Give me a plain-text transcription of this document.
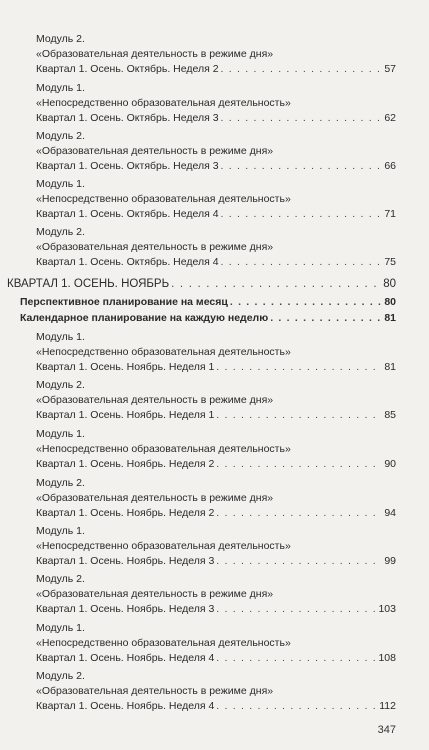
Модуль 2.
«Образовательная деятельность в режиме дня»
Квартал 1. Осень. Октябрь. Неделя 2 . . .	57
Модуль 1.
«Непосредственно образовательная деятельность»
Квартал 1. Осень. Октябрь. Неделя 3 . . .	62
Модуль 2.
«Образовательная деятельность в режиме дня»
Квартал 1. Осень. Октябрь. Неделя 3 . . .	66
Модуль 1.
«Непосредственно образовательная деятельность»
Квартал 1. Осень. Октябрь. Неделя 4 . . .	71
Модуль 2.
«Образовательная деятельность в режиме дня»
Квартал 1. Осень. Октябрь. Неделя 4 . . .	75
КВАРТАЛ 1. ОСЕНЬ. НОЯБРЬ . . .	80
Перспективное планирование на месяц . . .	80
Календарное планирование на каждую неделю . . .	81
Модуль 1.
«Непосредственно образовательная деятельность»
Квартал 1. Осень. Ноябрь. Неделя 1 . . .	81
Модуль 2.
«Образовательная деятельность в режиме дня»
Квартал 1. Осень. Ноябрь. Неделя 1 . . .	85
Модуль 1.
«Непосредственно образовательная деятельность»
Квартал 1. Осень. Ноябрь. Неделя 2 . . .	90
Модуль 2.
«Образовательная деятельность в режиме дня»
Квартал 1. Осень. Ноябрь. Неделя 2 . . .	94
Модуль 1.
«Непосредственно образовательная деятельность»
Квартал 1. Осень. Ноябрь. Неделя 3 . . .	99
Модуль 2.
«Образовательная деятельность в режиме дня»
Квартал 1. Осень. Ноябрь. Неделя 3 . . .	103
Модуль 1.
«Непосредственно образовательная деятельность»
Квартал 1. Осень. Ноябрь. Неделя 4 . . .	108
Модуль 2.
«Образовательная деятельность в режиме дня»
Квартал 1. Осень. Ноябрь. Неделя 4 . . .	112
347
